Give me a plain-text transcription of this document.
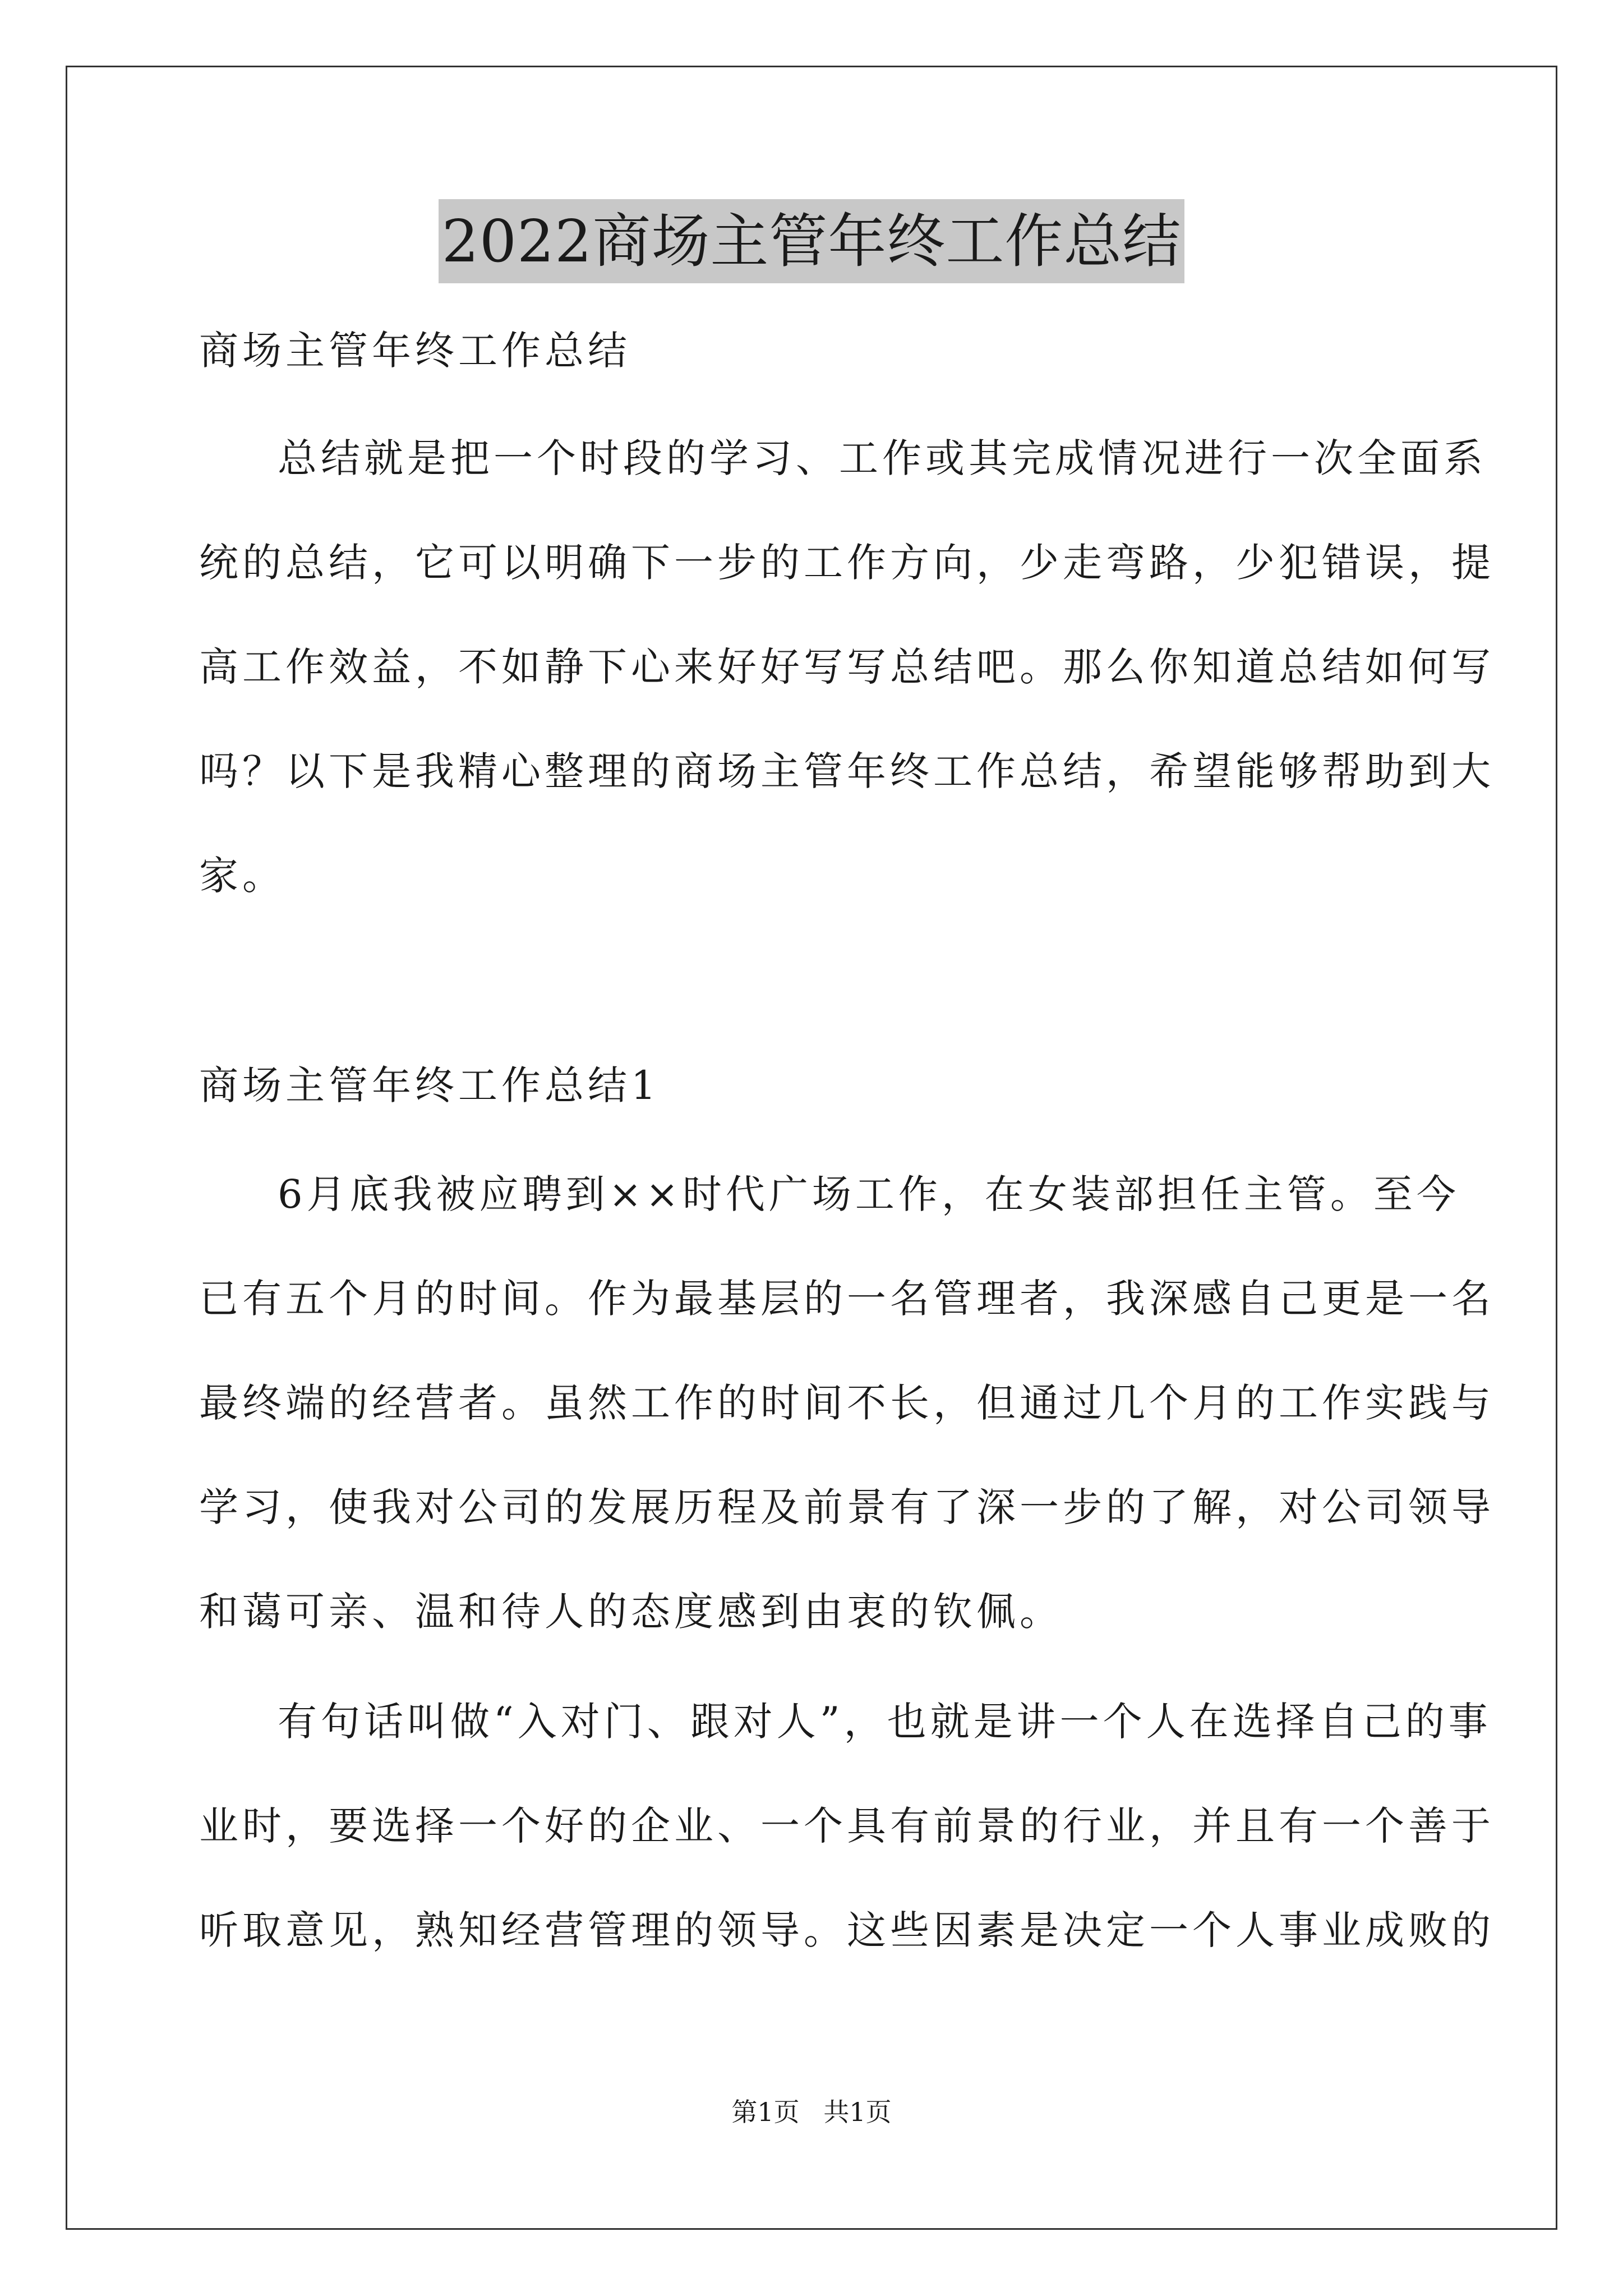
2022商场主管年终工作总结
商场主管年终工作总结
总结就是把一个时段的学习、工作或其完成情况进行一次全面系
统的总结，它可以明确下一步的工作方向，少走弯路，少犯错误，提
高工作效益，不如静下心来好好写写总结吧。那么你知道总结如何写
吗？以下是我精心整理的商场主管年终工作总结，希望能够帮助到大
家。
商场主管年终工作总结1
6月底我被应聘到××时代广场工作，在女装部担任主管。至今
已有五个月的时间。作为最基层的一名管理者，我深感自己更是一名
最终端的经营者。虽然工作的时间不长，但通过几个月的工作实践与
学习，使我对公司的发展历程及前景有了深一步的了解，对公司领导
和蔼可亲、温和待人的态度感到由衷的钦佩。
有句话叫做“入对门、跟对人”，也就是讲一个人在选择自己的事
业时，要选择一个好的企业、一个具有前景的行业，并且有一个善于
听取意见，熟知经营管理的领导。这些因素是决定一个人事业成败的
第1页 共1页
